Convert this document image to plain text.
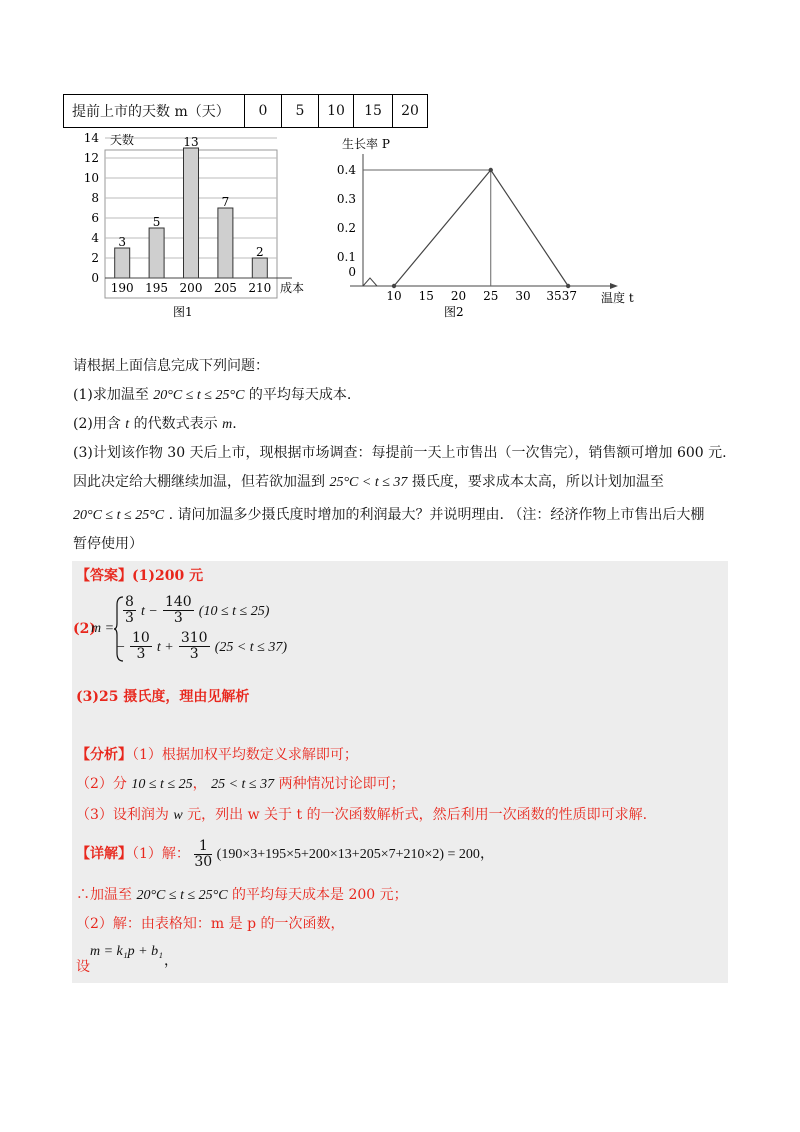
提前上市的天数 m（天）	0	5	10	15	20
天数
0
2
4
6
8
10
12
14
3
5
13
7
2
190 195 200 205 210 成本
图1
生长率 P
0
0.1
0.2
0.3
0.4
10 15 20 25 30 3537 温度 t
图2
请根据上面信息完成下列问题：
(1)求加温至 20°C ≤ t ≤ 25°C 的平均每天成本.
(2)用含 t 的代数式表示 m.
(3)计划该作物 30 天后上市，现根据市场调查：每提前一天上市售出（一次售完），销售额可增加 600 元.
因此决定给大棚继续加温，但若欲加温到 25°C < t ≤ 37 摄氏度，要求成本太高，所以计划加温至
20°C ≤ t ≤ 25°C . 请问加温多少摄氏度时增加的利润最大？并说明理由. （注：经济作物上市售出后大棚
暂停使用）
【答案】(1)200 元
(2)
m =
$\frac{8}{3}$ $t - \frac{140}{3} (10 \le t \le 25)$
− $\frac{10}{3}$ $t + \frac{310}{3} (25 < t \le 37)$
(3)25 摄氏度，理由见解析
【分析】（1）根据加权平均数定义求解即可；
（2）分 10 ≤ t ≤ 25， 25 < t ≤ 37 两种情况讨论即可；
（3）设利润为 w 元，列出 w 关于 t 的一次函数解析式，然后利用一次函数的性质即可求解.
【详解】（1）解： $\frac{1}{30} (190\times 3+195\times 5+200\times 13+205\times 7+210\times 2) = 200$，
∴加温至 20°C ≤ t ≤ 25°C 的平均每天成本是 200 元；
（2）解：由表格知：m 是 p 的一次函数，
设
m = k₁p + b₁
，
